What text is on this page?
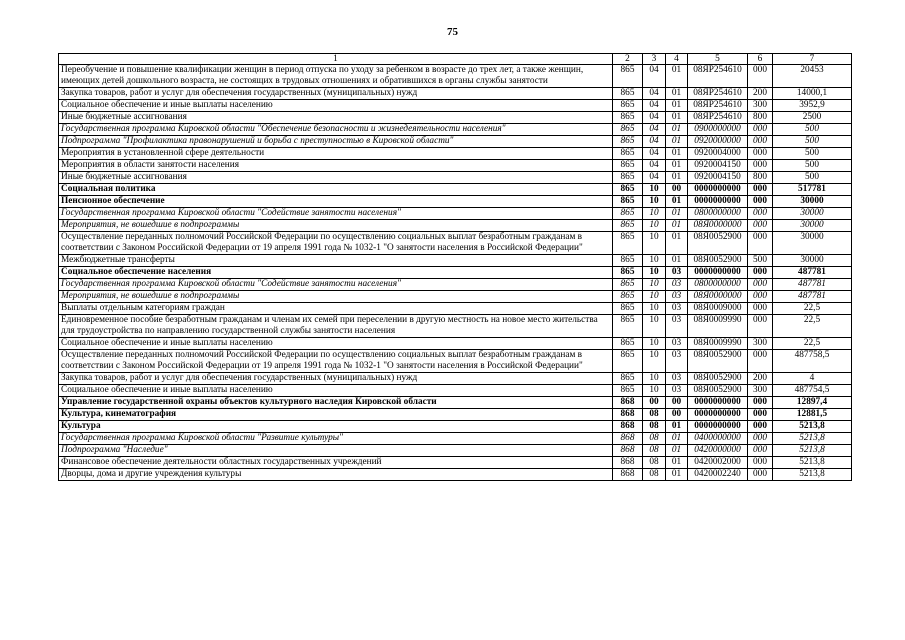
75
1	2	3	4	5	6	7
Переобучение и повышение квалификации женщин в период отпуска по уходу за ребенком в возрасте до трех лет, а также женщин, имеющих детей дошкольного возраста, не состоящих в трудовых отношениях и обратившихся в органы службы занятости	865	04	01	08ЯР254610	000	20453
Закупка товаров, работ и услуг для обеспечения государственных (муниципальных) нужд	865	04	01	08ЯР254610	200	14000,1
Социальное обеспечение и иные выплаты населению	865	04	01	08ЯР254610	300	3952,9
Иные бюджетные ассигнования	865	04	01	08ЯР254610	800	2500
Государственная программа Кировской области "Обеспечение безопасности и жизнедеятельности населения"	865	04	01	0900000000	000	500
Подпрограмма "Профилактика правонарушений и борьба с преступностью в Кировской области"	865	04	01	0920000000	000	500
Мероприятия в установленной сфере деятельности	865	04	01	0920004000	000	500
Мероприятия в области занятости населения	865	04	01	0920004150	000	500
Иные бюджетные ассигнования	865	04	01	0920004150	800	500
Социальная политика	865	10	00	0000000000	000	517781
Пенсионное обеспечение	865	10	01	0000000000	000	30000
Государственная программа Кировской области "Содействие занятости населения"	865	10	01	0800000000	000	30000
Мероприятия, не вошедшие в подпрограммы	865	10	01	08Я0000000	000	30000
Осуществление переданных полномочий Российской Федерации по осуществлению социальных выплат безработным гражданам в соответствии с Законом Российской Федерации от 19 апреля 1991 года № 1032-1 "О занятости населения в Российской Федерации"	865	10	01	08Я0052900	000	30000
Межбюджетные трансферты	865	10	01	08Я0052900	500	30000
Социальное обеспечение населения	865	10	03	0000000000	000	487781
Государственная программа Кировской области "Содействие занятости населения"	865	10	03	0800000000	000	487781
Мероприятия, не вошедшие в подпрограммы	865	10	03	08Я0000000	000	487781
Выплаты отдельным категориям граждан	865	10	03	08Я0009000	000	22,5
Единовременное пособие безработным гражданам и членам их семей при переселении в другую местность на новое место жительства для трудоустройства по направлению государственной службы занятости населения	865	10	03	08Я0009990	000	22,5
Социальное обеспечение и иные выплаты населению	865	10	03	08Я0009990	300	22,5
Осуществление переданных полномочий Российской Федерации по осуществлению социальных выплат безработным гражданам в соответствии с Законом Российской Федерации от 19 апреля 1991 года № 1032-1 "О занятости населения в Российской Федерации"	865	10	03	08Я0052900	000	487758,5
Закупка товаров, работ и услуг для обеспечения государственных (муниципальных) нужд	865	10	03	08Я0052900	200	4
Социальное обеспечение и иные выплаты населению	865	10	03	08Я0052900	300	487754,5
Управление государственной охраны объектов культурного наследия Кировской области	868	00	00	0000000000	000	12897,4
Культура, кинематография	868	08	00	0000000000	000	12881,5
Культура	868	08	01	0000000000	000	5213,8
Государственная программа Кировской области "Развитие культуры"	868	08	01	0400000000	000	5213,8
Подпрограмма "Наследие"	868	08	01	0420000000	000	5213,8
Финансовое обеспечение деятельности областных государственных учреждений	868	08	01	0420002000	000	5213,8
Дворцы, дома и другие учреждения культуры	868	08	01	0420002240	000	5213,8
